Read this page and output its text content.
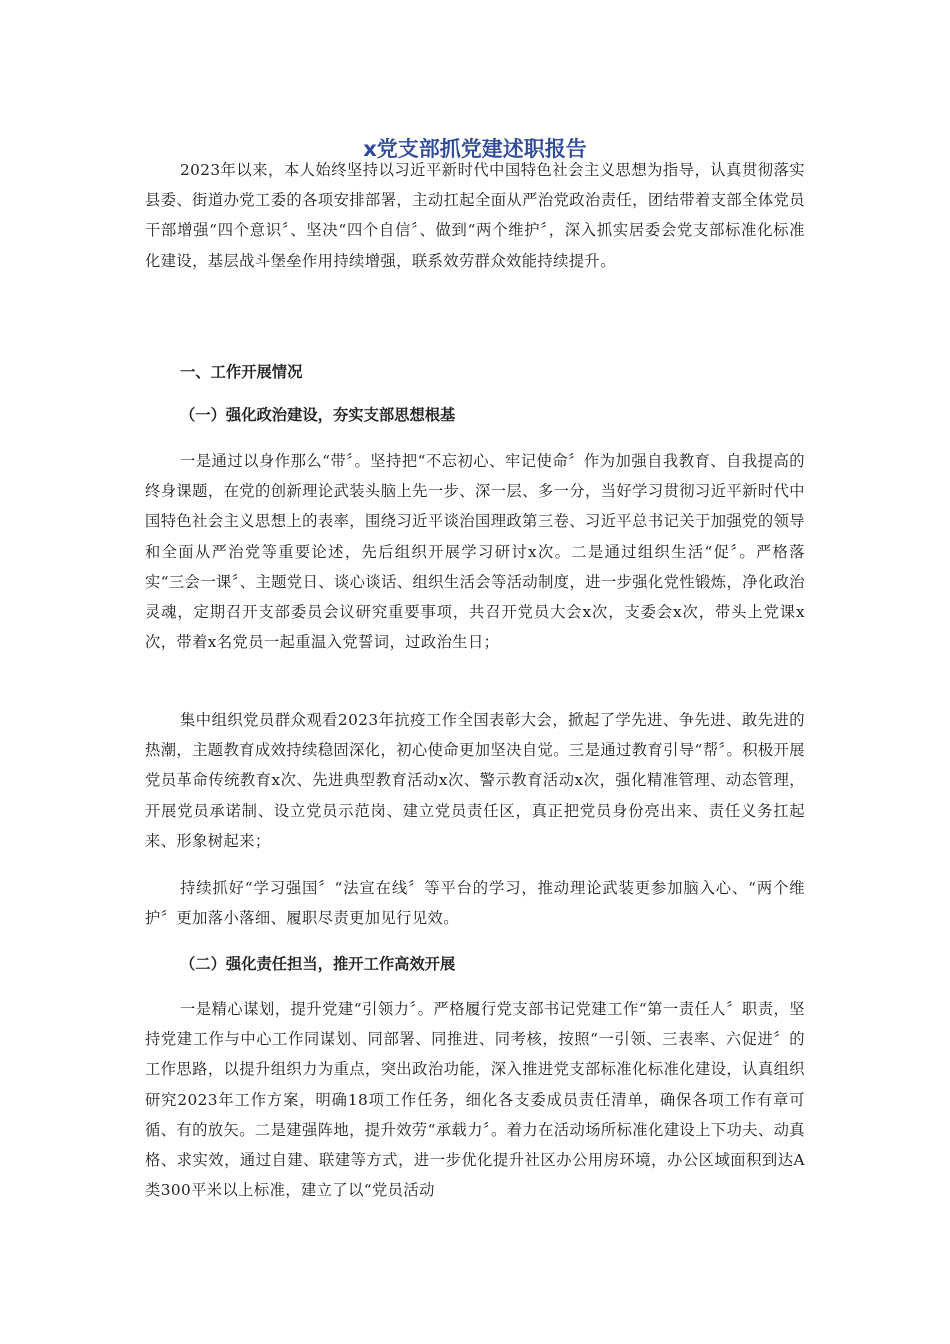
x党支部抓党建述职报告

2023年以来，本人始终坚持以习近平新时代中国特色社会主义思想为指导，认真贯彻落实县委、街道办党工委的各项安排部署，主动扛起全面从严治党政治责任，团结带着支部全体党员干部增强“四个意识〞、坚决“四个自信〞、做到“两个维护〞，深入抓实居委会党支部标准化标准化建设，基层战斗堡垒作用持续增强，联系效劳群众效能持续提升。

一、工作开展情况
（一）强化政治建设，夯实支部思想根基

一是通过以身作那么“带〞。坚持把“不忘初心、牢记使命〞作为加强自我教育、自我提高的终身课题，在党的创新理论武装头脑上先一步、深一层、多一分，当好学习贯彻习近平新时代中国特色社会主义思想上的表率，围绕习近平谈治国理政第三卷、习近平总书记关于加强党的领导和全面从严治党等重要论述，先后组织开展学习研讨x次。二是通过组织生活“促〞。严格落实“三会一课〞、主题党日、谈心谈话、组织生活会等活动制度，进一步强化党性锻炼，净化政治灵魂，定期召开支部委员会议研究重要事项，共召开党员大会x次，支委会x次，带头上党课x次，带着x名党员一起重温入党誓词，过政治生日；

集中组织党员群众观看2023年抗疫工作全国表彰大会，掀起了学先进、争先进、敢先进的热潮，主题教育成效持续稳固深化，初心使命更加坚决自觉。三是通过教育引导“帮〞。积极开展党员革命传统教育x次、先进典型教育活动x次、警示教育活动x次，强化精准管理、动态管理，开展党员承诺制、设立党员示范岗、建立党员责任区，真正把党员身份亮出来、责任义务扛起来、形象树起来；

持续抓好“学习强国〞“法宣在线〞等平台的学习，推动理论武装更参加脑入心、“两个维护〞更加落小落细、履职尽责更加见行见效。

（二）强化责任担当，推开工作高效开展

一是精心谋划，提升党建“引领力〞。严格履行党支部书记党建工作“第一责任人〞职责，坚持党建工作与中心工作同谋划、同部署、同推进、同考核，按照“一引领、三表率、六促进〞的工作思路，以提升组织力为重点，突出政治功能，深入推进党支部标准化标准化建设，认真组织研究2023年工作方案，明确18项工作任务，细化各支委成员责任清单，确保各项工作有章可循、有的放矢。二是建强阵地，提升效劳“承载力〞。着力在活动场所标准化建设上下功夫、动真格、求实效，通过自建、联建等方式，进一步优化提升社区办公用房环境，办公区域面积到达A类300平米以上标准，建立了以“党员活动
